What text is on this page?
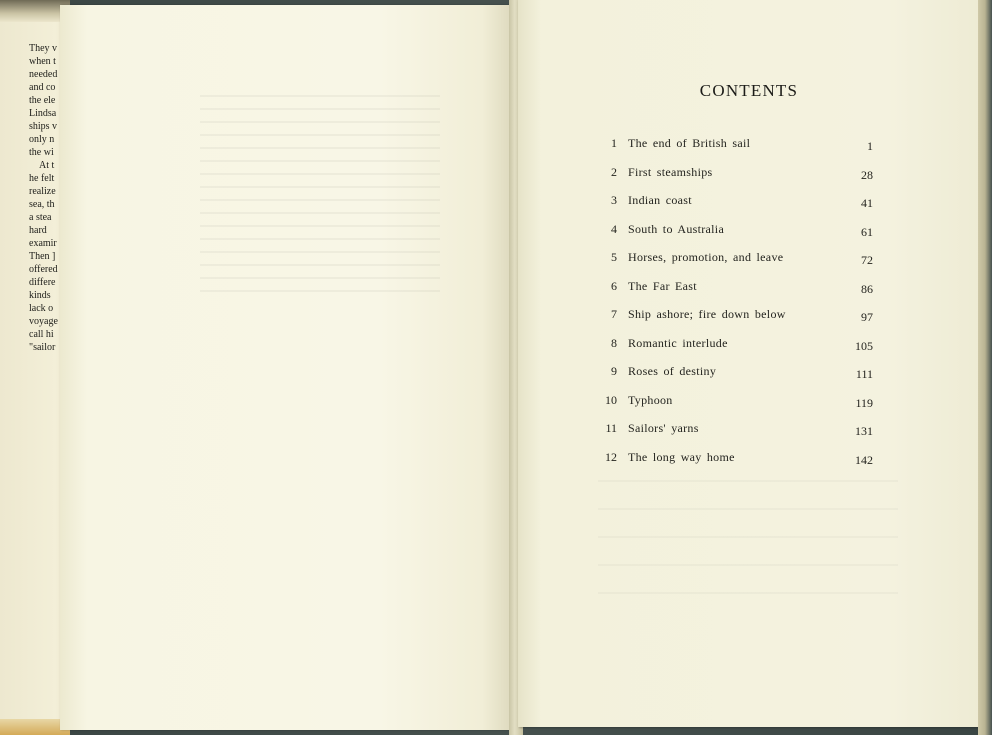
They v
when t
needed
and co
the ele
Lindsa
ships v
only n
the wi
At t
he felt
realize
sea, th
a stea
hard
examir
Then ]
offered
differe
kinds
lack o
voyage
call hi
"sailor
CONTENTS
1 The end of British sail	1
2 First steamships	28
3 Indian coast	41
4 South to Australia	61
5 Horses, promotion, and leave	72
6 The Far East	86
7 Ship ashore; fire down below	97
8 Romantic interlude	105
9 Roses of destiny	111
10 Typhoon	119
11 Sailors' yarns	131
12 The long way home	142
